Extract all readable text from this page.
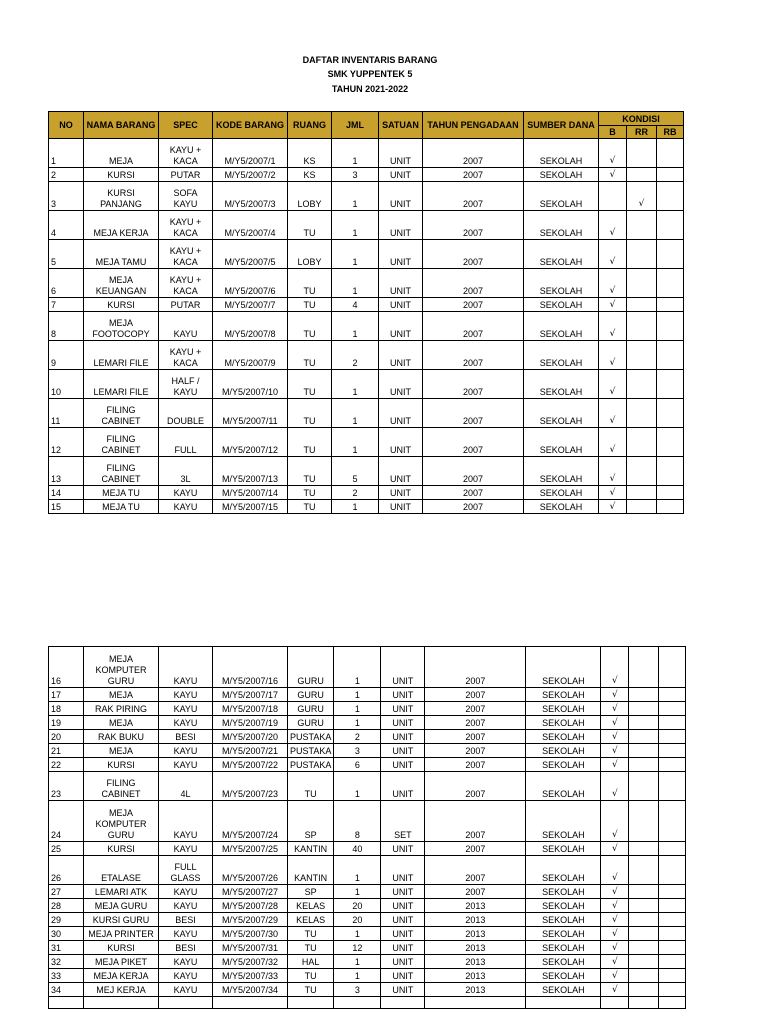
DAFTAR INVENTARIS BARANG
SMK YUPPENTEK 5
TAHUN 2021-2022
NO	NAMA BARANG	SPEC	KODE BARANG	RUANG	JML	SATUAN	TAHUN PENGADAAN	SUMBER DANA	KONDISI		
									B	RR	RB
1	MEJA	KAYU + KACA	M/Y5/2007/1	KS	1	UNIT	2007	SEKOLAH	√		
2	KURSI	PUTAR	M/Y5/2007/2	KS	3	UNIT	2007	SEKOLAH	√		
3	KURSI PANJANG	SOFA KAYU	M/Y5/2007/3	LOBY	1	UNIT	2007	SEKOLAH		√	
4	MEJA KERJA	KAYU + KACA	M/Y5/2007/4	TU	1	UNIT	2007	SEKOLAH	√		
5	MEJA TAMU	KAYU + KACA	M/Y5/2007/5	LOBY	1	UNIT	2007	SEKOLAH	√		
6	MEJA KEUANGAN	KAYU + KACA	M/Y5/2007/6	TU	1	UNIT	2007	SEKOLAH	√		
7	KURSI	PUTAR	M/Y5/2007/7	TU	4	UNIT	2007	SEKOLAH	√		
8	MEJA FOOTOCOPY	KAYU	M/Y5/2007/8	TU	1	UNIT	2007	SEKOLAH	√		
9	LEMARI FILE	KAYU + KACA	M/Y5/2007/9	TU	2	UNIT	2007	SEKOLAH	√		
10	LEMARI FILE	HALF / KAYU	M/Y5/2007/10	TU	1	UNIT	2007	SEKOLAH	√		
11	FILING CABINET	DOUBLE	M/Y5/2007/11	TU	1	UNIT	2007	SEKOLAH	√		
12	FILING CABINET	FULL	M/Y5/2007/12	TU	1	UNIT	2007	SEKOLAH	√		
13	FILING CABINET	3L	M/Y5/2007/13	TU	5	UNIT	2007	SEKOLAH	√		
14	MEJA TU	KAYU	M/Y5/2007/14	TU	2	UNIT	2007	SEKOLAH	√		
15	MEJA TU	KAYU	M/Y5/2007/15	TU	1	UNIT	2007	SEKOLAH	√		
16	MEJA KOMPUTER GURU	KAYU	M/Y5/2007/16	GURU	1	UNIT	2007	SEKOLAH	√		
17	MEJA	KAYU	M/Y5/2007/17	GURU	1	UNIT	2007	SEKOLAH	√		
18	RAK PIRING	KAYU	M/Y5/2007/18	GURU	1	UNIT	2007	SEKOLAH	√		
19	MEJA	KAYU	M/Y5/2007/19	GURU	1	UNIT	2007	SEKOLAH	√		
20	RAK BUKU	BESI	M/Y5/2007/20	PUSTAKA	2	UNIT	2007	SEKOLAH	√		
21	MEJA	KAYU	M/Y5/2007/21	PUSTAKA	3	UNIT	2007	SEKOLAH	√		
22	KURSI	KAYU	M/Y5/2007/22	PUSTAKA	6	UNIT	2007	SEKOLAH	√		
23	FILING CABINET	4L	M/Y5/2007/23	TU	1	UNIT	2007	SEKOLAH	√		
24	MEJA KOMPUTER GURU	KAYU	M/Y5/2007/24	SP	8	SET	2007	SEKOLAH	√		
25	KURSI	KAYU	M/Y5/2007/25	KANTIN	40	UNIT	2007	SEKOLAH	√		
26	ETALASE	FULL GLASS	M/Y5/2007/26	KANTIN	1	UNIT	2007	SEKOLAH	√		
27	LEMARI ATK	KAYU	M/Y5/2007/27	SP	1	UNIT	2007	SEKOLAH	√		
28	MEJA GURU	KAYU	M/Y5/2007/28	KELAS	20	UNIT	2013	SEKOLAH	√		
29	KURSI GURU	BESI	M/Y5/2007/29	KELAS	20	UNIT	2013	SEKOLAH	√		
30	MEJA PRINTER	KAYU	M/Y5/2007/30	TU	1	UNIT	2013	SEKOLAH	√		
31	KURSI	BESI	M/Y5/2007/31	TU	12	UNIT	2013	SEKOLAH	√		
32	MEJA PIKET	KAYU	M/Y5/2007/32	HAL	1	UNIT	2013	SEKOLAH	√		
33	MEJA KERJA	KAYU	M/Y5/2007/33	TU	1	UNIT	2013	SEKOLAH	√		
34	MEJ KERJA	KAYU	M/Y5/2007/34	TU	3	UNIT	2013	SEKOLAH	√		
